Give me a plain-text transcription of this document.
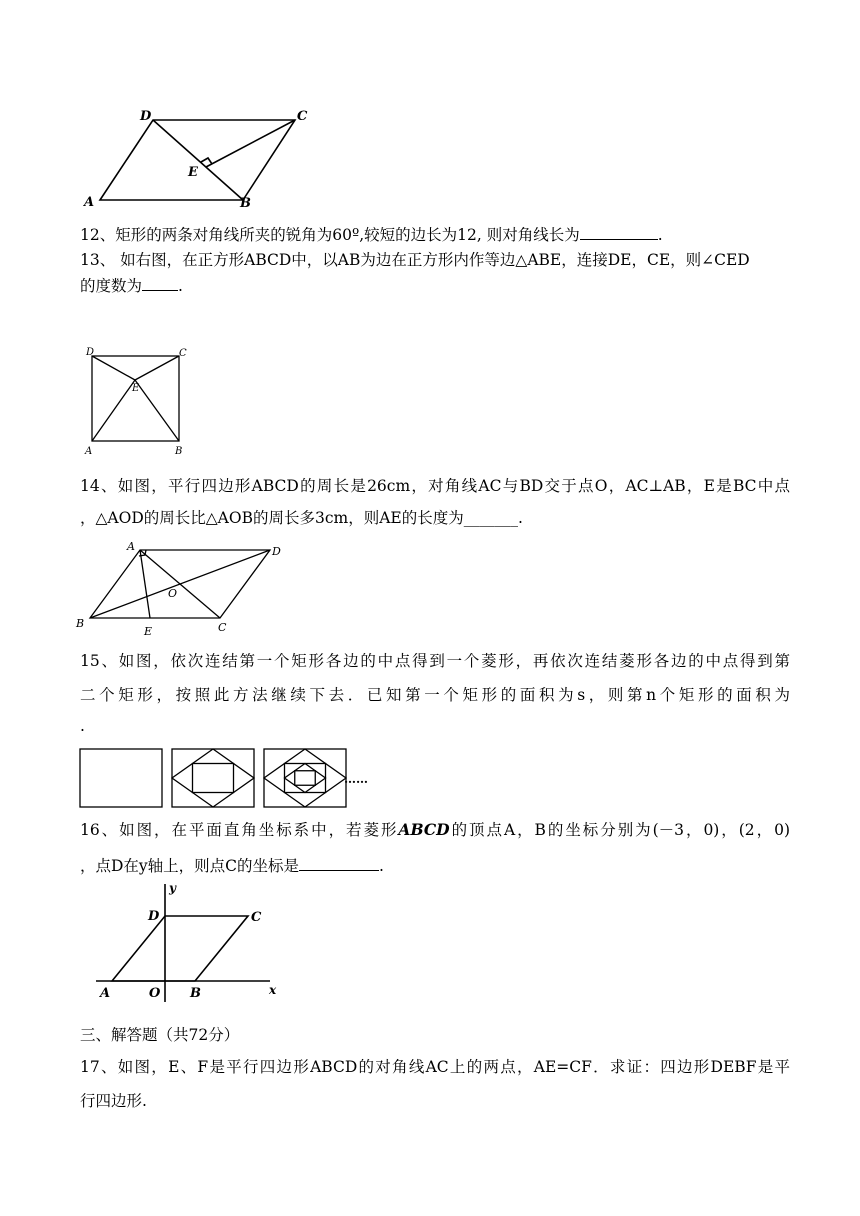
D	C
E
A	B
12、矩形的两条对角线所夹的锐角为60º,较短的边长为12, 则对角线长为	.
13、 如右图，在正方形ABCD中，以AB为边在正方形内作等边△ABE，连接DE，CE，则∠CED
的度数为 .
D	C
E
A	B
14、如图，平行四边形ABCD的周长是26cm，对角线AC与BD交于点O，AC⊥AB，E是BC中点
，△AOD的周长比△AOB的周长多3cm，则AE的长度为_______.
A	D
O
B
E	C
15、如图，依次连结第一个矩形各边的中点得到一个菱形，再依次连结菱形各边的中点得到第
二个矩形，按照此方法继续下去．已知第一个矩形的面积为s，则第n个矩形的面积为
.
……
16、如图，在平面直角坐标系中，若菱形ABCD的顶点A，B的坐标分别为(－3，0)，(2，0)
，点D在y轴上，则点C的坐标是	.
y
D	C
A	O B	x
三、解答题（共72分）
17、如图，E、F是平行四边形ABCD的对角线AC上的两点，AE=CF．求证：四边形DEBF是平
行四边形.
